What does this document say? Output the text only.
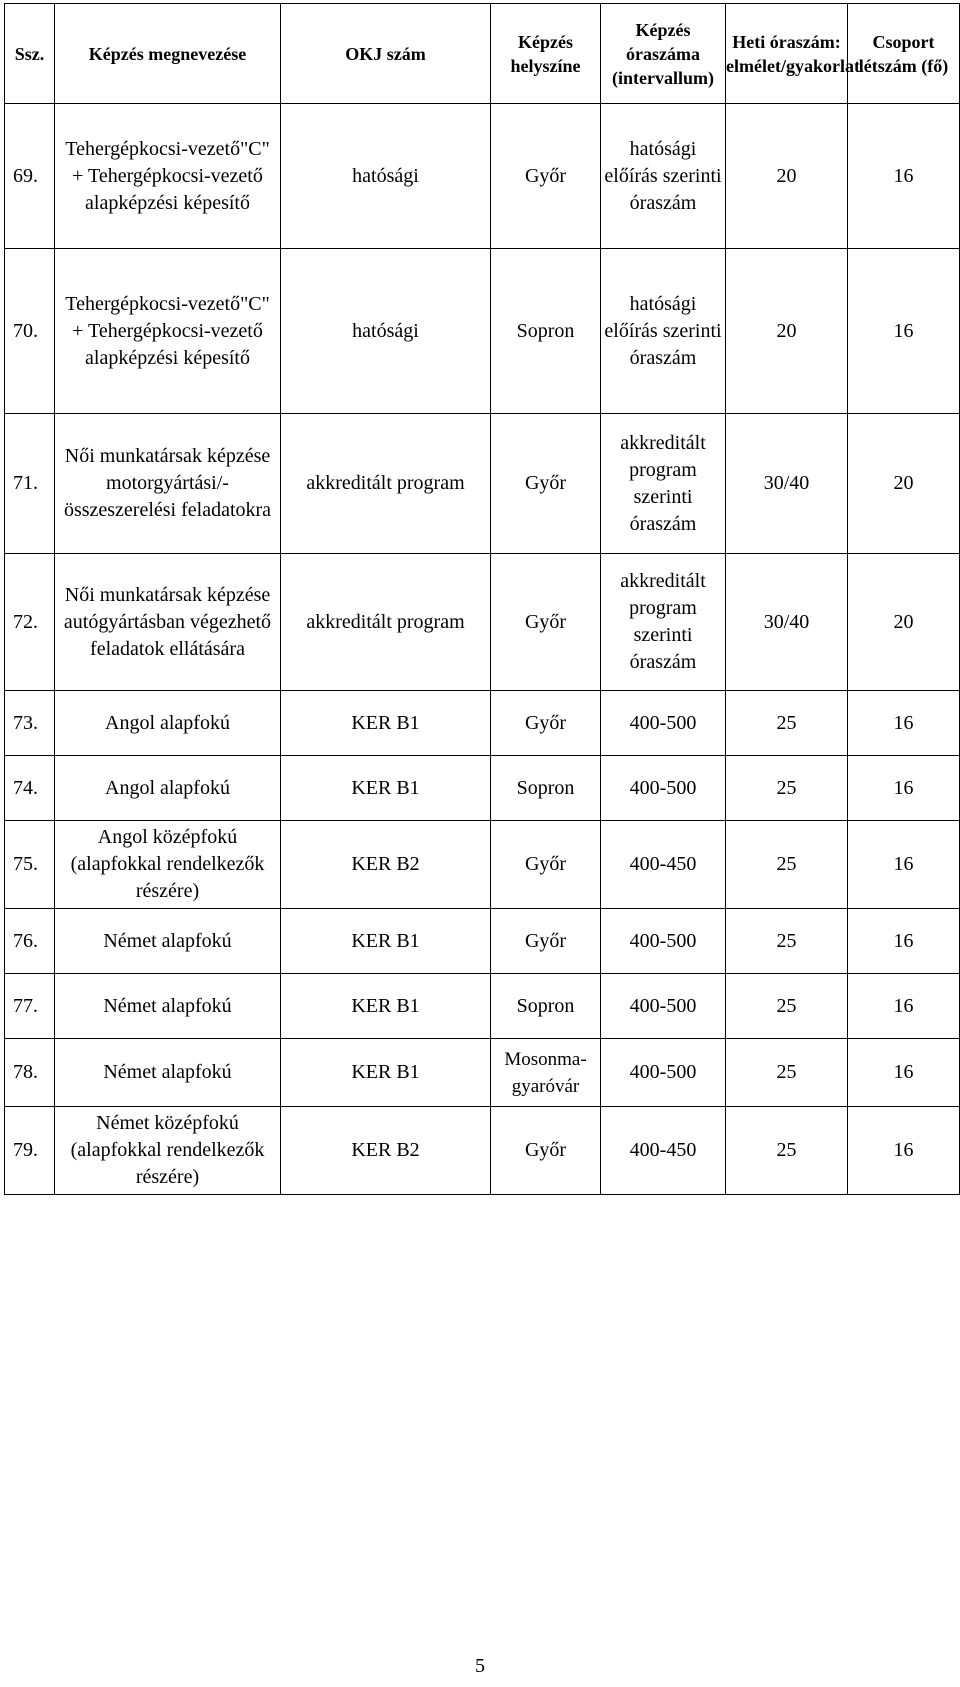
Ssz.	Képzés megnevezése	OKJ szám	Képzés helyszíne	Képzés óraszáma (intervallum)	Heti óraszám: elmélet/gyakorlat	Csoport létszám (fő)
69.	Tehergépkocsi-vezető"C" + Tehergépkocsi-vezető alapképzési képesítő	hatósági	Győr	hatósági előírás szerinti óraszám	20	16
70.	Tehergépkocsi-vezető"C" + Tehergépkocsi-vezető alapképzési képesítő	hatósági	Sopron	hatósági előírás szerinti óraszám	20	16
71.	Női munkatársak képzése motorgyártási/-összeszerelési feladatokra	akkreditált program	Győr	akkreditált program szerinti óraszám	30/40	20
72.	Női munkatársak képzése autógyártásban végezhető feladatok ellátására	akkreditált program	Győr	akkreditált program szerinti óraszám	30/40	20
73.	Angol alapfokú	KER B1	Győr	400-500	25	16
74.	Angol alapfokú	KER B1	Sopron	400-500	25	16
75.	Angol középfokú (alapfokkal rendelkezők részére)	KER B2	Győr	400-450	25	16
76.	Német alapfokú	KER B1	Győr	400-500	25	16
77.	Német alapfokú	KER B1	Sopron	400-500	25	16
78.	Német alapfokú	KER B1	Mosonma-gyaróvár	400-500	25	16
79.	Német középfokú (alapfokkal rendelkezők részére)	KER B2	Győr	400-450	25	16
5
